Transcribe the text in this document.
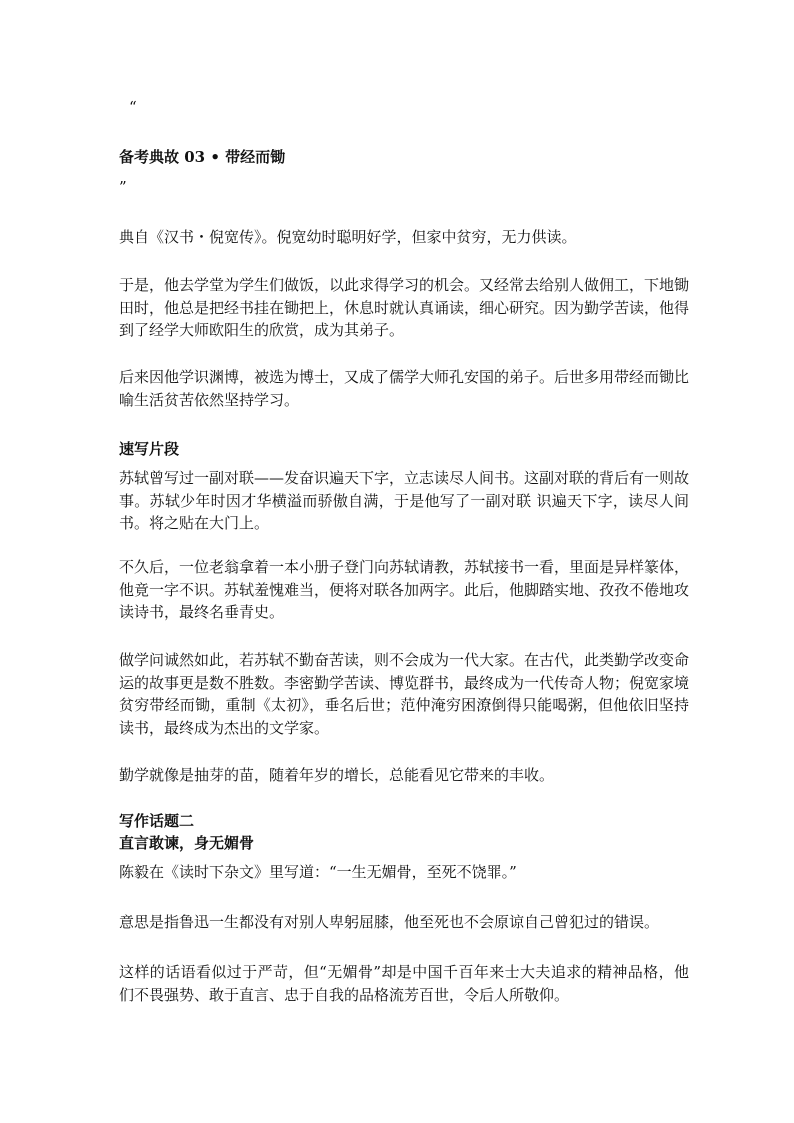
“
备考典故 03 • 带经而锄
”

典自《汉书・倪宽传》。倪宽幼时聪明好学，但家中贫穷，无力供读。

于是，他去学堂为学生们做饭，以此求得学习的机会。又经常去给别人做佣工，下地锄田时，他总是把经书挂在锄把上，休息时就认真诵读，细心研究。因为勤学苦读，他得到了经学大师欧阳生的欣赏，成为其弟子。

后来因他学识渊博，被选为博士，又成了儒学大师孔安国的弟子。后世多用带经而锄比喻生活贫苦依然坚持学习。

速写片段

苏轼曾写过一副对联——发奋识遍天下字，立志读尽人间书。这副对联的背后有一则故事。苏轼少年时因才华横溢而骄傲自满，于是他写了一副对联 识遍天下字，读尽人间书。将之贴在大门上。

不久后，一位老翁拿着一本小册子登门向苏轼请教，苏轼接书一看，里面是异样篆体，他竟一字不识。苏轼羞愧难当，便将对联各加两字。此后，他脚踏实地、孜孜不倦地攻读诗书，最终名垂青史。

做学问诚然如此，若苏轼不勤奋苦读，则不会成为一代大家。在古代，此类勤学改变命运的故事更是数不胜数。李密勤学苦读、博览群书，最终成为一代传奇人物；倪宽家境贫穷带经而锄，重制《太初》，垂名后世；范仲淹穷困潦倒得只能喝粥，但他依旧坚持读书，最终成为杰出的文学家。

勤学就像是抽芽的苗，随着年岁的增长，总能看见它带来的丰收。

写作话题二
直言敢谏，身无媚骨

陈毅在《读时下杂文》里写道：“一生无媚骨，至死不饶罪。”

意思是指鲁迅一生都没有对别人卑躬屈膝，他至死也不会原谅自己曾犯过的错误。

这样的话语看似过于严苛，但“无媚骨”却是中国千百年来士大夫追求的精神品格，他们不畏强势、敢于直言、忠于自我的品格流芳百世，令后人所敬仰。
